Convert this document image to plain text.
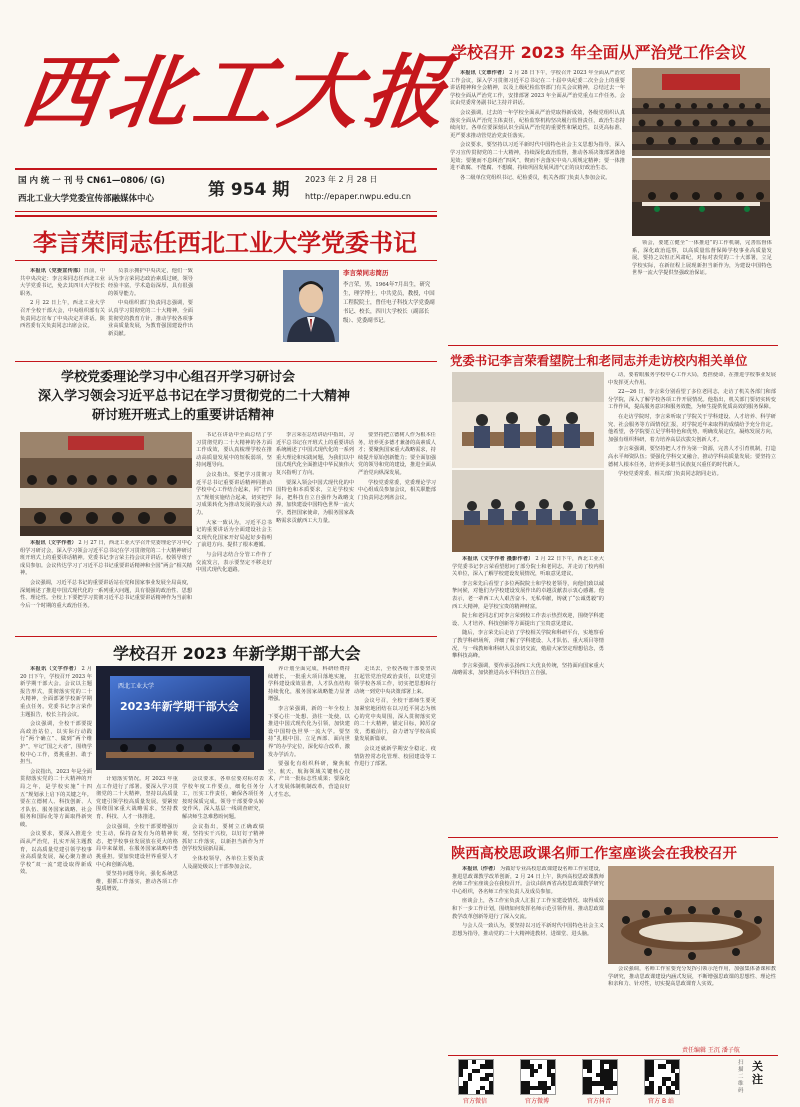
西北工大报
国 内 统 一 刊 号 CN61—0806/ (G)
西北工业大学党委宣传部融媒体中心	第 954 期
2023 年 2 月 28 日
http://epaper.nwpu.edu.cn
学校召开 2023 年全面从严治党工作会议

本报讯（文章作者） 2 月 28 日下午，学校召开 2023 年全面从严治党工作会议，深入学习贯彻习近平总书记在二十届中央纪委二次全会上的重要讲话精神和全会精神，以及上级纪检监察部门有关会议精神，总结过去一年学校全面从严治党工作，安排部署 2023 年全面从严治党重点工作任务。会议由党委常务副书记主持并讲话。

会议强调，过去的一年学校全面从严治党取得新成效，各级党组织认真落实全面从严治党主体责任，纪检监察机构坚决履行监督责任，政治生态持续向好。各单位要深刻认识全面从严治党的重要性和紧迫性，以更高标准、更严要求推动管党治党责任落实。

会议要求，要坚持以习近平新时代中国特色社会主义思想为指导，深入学习宣传贯彻党的二十大精神，持续深化政治监督，推动各项决策部署落地见效；要驰而不息纠治“四风”，锲而不舍落实中央八项规定精神；要一体推进不敢腐、不能腐、不想腐，持续巩固发展风清气正的良好政治生态。

各二级单位党组织书记、纪检委员，机关各部门负责人参加会议。

领会，要建立健全“一体推进”的工作机制，完善监督体系，深化政治巡察，以高质量监督保障学校事业高质量发展。要持之以恒正风肃纪，对标对表党的二十大部署，立足学校实际，在新征程上展现新担当新作为，为建设中国特色世界一流大学提供坚强政治保证。

李言荣同志任西北工业大学党委书记

本报讯（党委宣传部）日前，中共中央决定：李言荣同志任西北工业大学党委书记，免去其四川大学校长职务。

2 月 22 日上午，西北工业大学召开全校干部大会，中央组织部有关负责同志宣布了中央决定并讲话。陕西省委有关负责同志出席会议。

员表示拥护中央决定，他们一致认为李言荣同志政治素质过硬，领导经验丰富，学术造诣深厚，具有很强的领导能力。

中央组织部门负责同志强调，要认真学习贯彻党的二十大精神，全面贯彻党的教育方针，推动学校各项事业高质量发展，为教育强国建设作出新贡献。

李言荣同志简历
李言荣，男，1964年7月出生，研究生，理学博士，中共党员，教授，中国工程院院士，曾任电子科技大学党委副书记、校长，四川大学校长（副部长级）、党委副书记。
学校党委理论学习中心组召开学习研讨会
深入学习领会习近平总书记在学习贯彻党的二十大精神
研讨班开班式上的重要讲话精神

本报讯（文字作者） 2 月 27 日，西北工业大学召开党委理论学习中心组学习研讨会，深入学习领会习近平总书记在学习贯彻党的二十大精神研讨班开班式上的重要讲话精神。党委书记李言荣主持会议并讲话。校领导班子成员参加。会议传达学习了习近平总书记重要讲话精神和全国“两会”相关精神。

会议强调，习近平总书记的重要讲话站在党和国家事业发展全局高度，深刻阐述了推进中国式现代化的一系列重大问题，具有很强的政治性、思想性、理论性。全校上下要把学习贯彻习近平总书记重要讲话精神作为当前和今后一个时期的重大政治任务。

书记在讲话中全面总结了学习贯彻党的二十大精神的各方面工作成效，要认真梳理学校在推动高质量发展中的短板弱项，坚持问题导向。

会议指出，要把学习贯彻习近平总书记重要讲话精神同推动学校中心工作结合起来，同“十四五”规划实施结合起来，切实把学习成果转化为推动发展的强大动力。

大家一致认为，习近平总书记的重要讲话为全面建设社会主义现代化国家开好局起好步指明了前进方向、提供了根本遵循。

与会同志结合分管工作作了交流发言，表示要坚定不移走好中国式现代化道路。

李言荣在总结讲话中指出，习近平总书记在开班式上的重要讲话系统阐述了中国式现代化的一系列重大理论和实践问题，为我们以中国式现代化全面推进中华民族伟大复兴指明了方向。

要深入领会中国式现代化的中国特色和本质要求，立足学校实际，把科技自立自强作为战略支撑，加快建设中国特色世界一流大学，勇担国家使命，为服务国家战略需求贡献西工大力量。

要坚持把立德树人作为根本任务，培养更多德才兼备的高素质人才；要聚焦国家重大战略需求，持续提升原始创新能力；要全面加强党的领导和党的建设，推进全面从严治党向纵深发展。

学校党委常委，党委理论学习中心组成员参加会议，相关职能部门负责同志列席会议。

学校召开 2023 年新学期干部大会

本报讯（文字作者） 2 月 20 日下午，学校召开 2023 年新学期干部大会。会议以主题报告形式，贯彻落实党的二十大精神，全面部署学校新学期重点任务。党委书记李言荣作主题报告，校长主持会议。

会议强调，全校干部要提高政治站位，以实际行动践行“两个确立”、做到“两个维护”，牢记“国之大者”，围绕学校中心工作，勇挑重担、敢于担当。

会议指出，2023 年是全面贯彻落实党的二十大精神的开局之年，是学校实施“十四五”规划承上启下的关键之年。要在立德树人、科技创新、人才队伍、服务国家战略、社会服务和国际化等方面取得新突破。

会议要求，要深入推进全面从严治党，扎实开展主题教育，以高质量党建引领学校事业高质量发展，凝心聚力推动学校“双一流”建设取得新成效。

西北工业大学
2023年新学期干部大会

计划落实情况。对 2023 年重点工作进行了部署。要深入学习贯彻党的二十大精神，坚持以高质量党建引领学校高质量发展。要紧密围绕国家重大战略需求，坚持教育、科技、人才一体推进。

会议强调，全校干部要增强历史主动，保持奋发有为的精神状态，把学校事业发展放在更大的格局中来谋划，在服务国家战略中勇挑重担。要加快建设世界重要人才中心和创新高地。

要坚持问题导向，强化系统思维，狠抓工作落实，推动各项工作提质增效。

会议要求，各单位要对标对表学校年度工作要点，细化任务分工，压实工作责任，确保各项任务按时保质完成。领导干部要带头转变作风，深入基层一线调查研究，解决师生急难愁盼问题。

会议指出，要树立正确政绩观，坚持实干兴校，以钉钉子精神抓好工作落实，以新担当新作为开创学校发展新局面。

全体校领导，各单位主要负责人及副处级以上干部参加会议。

养计划全面完成，科研经费持续增长，一批重大项目落地实施，学科建设成效显著，人才队伍结构持续优化，服务国家战略能力显著增强。

李言荣强调，新的一年全校上下要心往一处想、劲往一处使，以推进中国式现代化为引领，加快建设中国特色世界一流大学。要坚持“扎根中国、立足西部、面向世界”的办学定位，深化综合改革，激发办学活力。

要强化有组织科研，聚焦航空、航天、航海领域关键核心技术，产出一批标志性成果；要深化人才发展体制机制改革，营造良好人才生态。

走出去，全校各级干部要坚决扛起管党治党政治责任，以党建引领学校各项工作，切实把思想和行动统一到党中央决策部署上来。

会议号召，全校干部师生要更加紧密地团结在以习近平同志为核心的党中央周围，深入贯彻落实党的二十大精神，锚定目标，踔厉奋发，勇毅前行，奋力谱写学校高质量发展新篇章。

会议还就新学期安全稳定、疫情防控常态化管理、校园建设等工作进行了部署。

党委书记李言荣看望院士和老同志并走访校内相关单位

本报讯（文字作者 摄影作者） 2 月 22 日下午，西北工业大学党委书记李言荣看望慰问了部分院士和老同志，并走访了校内相关单位，深入了解学校建设发展情况，听取意见建议。

李言荣先后看望了多位两院院士和学校老领导，向他们致以诚挚问候，对他们为学校建设发展作出的卓越贡献表示衷心感谢。他表示，老一辈西工大人艰苦奋斗、无私奉献，铸就了“公诚勇毅”的西工大精神，是学校宝贵的精神财富。

院士和老同志们对李言荣到校工作表示热烈欢迎，围绕学科建设、人才培养、科技创新等方面提出了宝贵意见建议。

随后，李言荣先后走访了学校相关学院和科研平台，实地察看了教学科研场所，详细了解了学科建设、人才队伍、重大项目等情况，与一线教师和科研人员亲切交流，勉励大家坚定理想信念，勇攀科技高峰。

李言荣强调，要传承弘扬西工大优良传统，坚持面向国家重大战略需求，加快推进高水平科技自立自强。

动，要着眼服务学校中心工作大局，勇担使命，在推进学校事业发展中发挥更大作用。

22—26 日，李言荣分别看望了多位老同志，走访了机关各部门和部分学院，深入了解学校各项工作开展情况。他指出，机关部门要切实转变工作作风，提高服务意识和服务效能，为师生提供优质高效的服务保障。

在走访学院时，李言荣听取了学院关于学科建设、人才培养、科学研究、社会服务等方面情况汇报，对学院近年来取得的成绩给予充分肯定。他希望，各学院要立足学科特色和优势，明确发展定位，凝练发展方向，加强有组织科研，着力培养高层次拔尖创新人才。

李言荣强调，要坚持把人才作为第一资源，完善人才引育机制，打造高水平师资队伍；要强化学科交叉融合，推动学科高质量发展；要坚持立德树人根本任务，培养更多堪当民族复兴重任的时代新人。

学校党委常委、相关部门负责同志陪同走访。

陕西高校思政课名师工作室座谈会在我校召开

本报讯（作者） 为做好专业高校思政课建设名师工作室建设，推进思政课教学改革创新，2 月 24 日上午，陕西高校思政课教师名师工作室座谈会在我校召开。会议由陕西省高校思政课教学研究中心组织，各名师工作室负责人及成员参加。

座谈会上，各工作室负责人汇报了工作室建设情况、取得成效和下一步工作计划，围绕如何发挥名师示范引领作用、推动思政课教学改革创新等进行了深入交流。

与会人员一致认为，要坚持以习近平新时代中国特色社会主义思想为指导，推动党的二十大精神进教材、进课堂、进头脑。

会议强调，名师工作室要充分发挥引领示范作用，加强集体备课和教学研究，推动思政课建设内涵式发展，不断增强思政课的思想性、理论性和亲和力、针对性，切实提高思政课育人实效。

责任编辑 王沉 潘子航
官方微信	官方微博	官方抖音	官方 B 站
关注
扫描二维码
